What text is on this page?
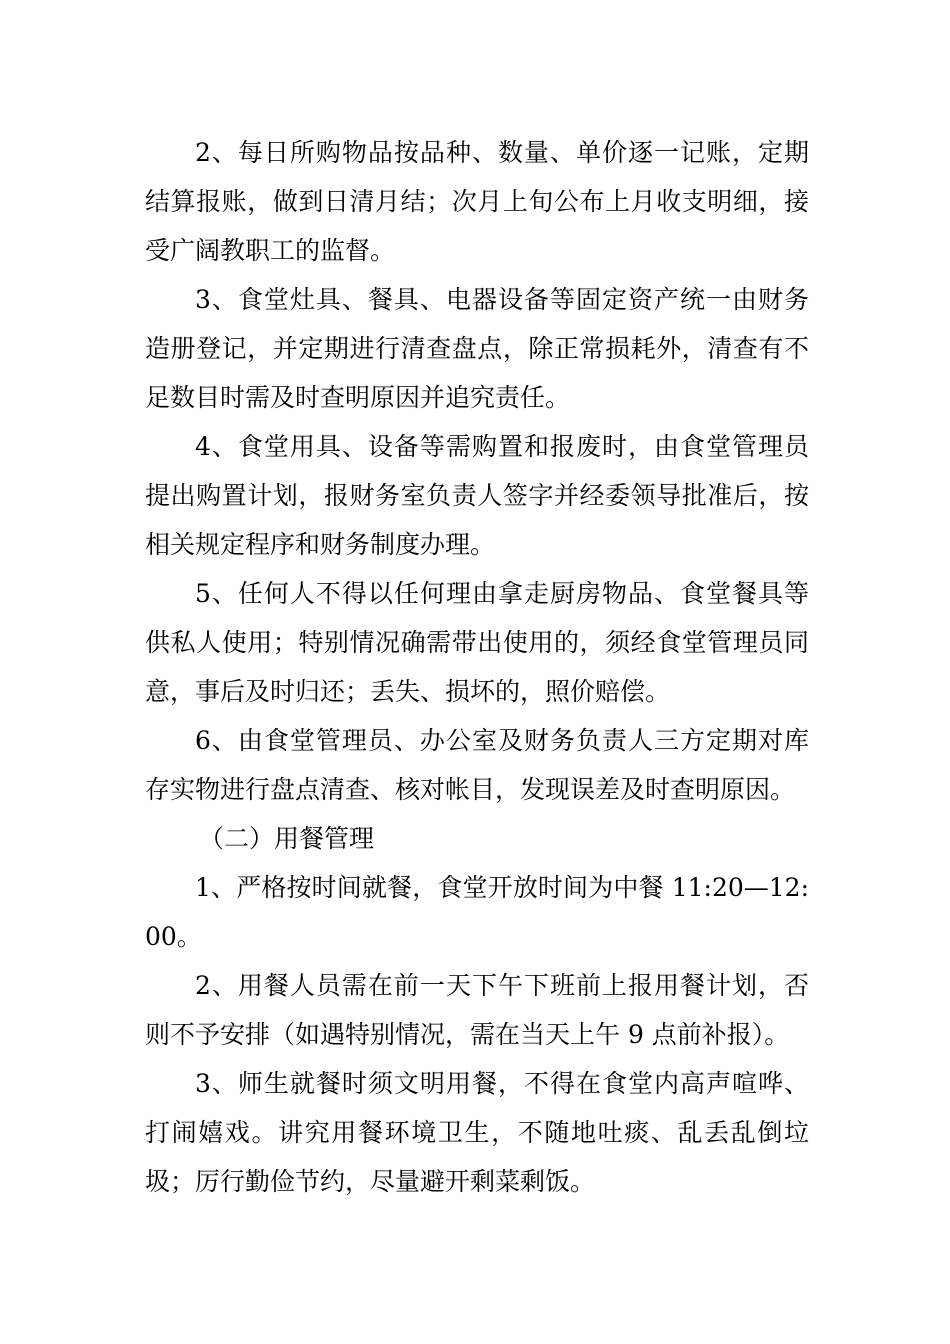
2、每日所购物品按品种、数量、单价逐一记账，定期结算报账，做到日清月结；次月上旬公布上月收支明细，接受广阔教职工的监督。

3、食堂灶具、餐具、电器设备等固定资产统一由财务造册登记，并定期进行清查盘点，除正常损耗外，清查有不足数目时需及时查明原因并追究责任。

4、食堂用具、设备等需购置和报废时，由食堂管理员提出购置计划，报财务室负责人签字并经委领导批准后，按相关规定程序和财务制度办理。

5、任何人不得以任何理由拿走厨房物品、食堂餐具等供私人使用；特别情况确需带出使用的，须经食堂管理员同意，事后及时归还；丢失、损坏的，照价赔偿。

6、由食堂管理员、办公室及财务负责人三方定期对库存实物进行盘点清查、核对帐目，发现误差及时查明原因。

（二）用餐管理

1、严格按时间就餐，食堂开放时间为中餐 11:20—12:00。

2、用餐人员需在前一天下午下班前上报用餐计划，否则不予安排（如遇特别情况，需在当天上午 9 点前补报）。

3、师生就餐时须文明用餐，不得在食堂内高声喧哗、打闹嬉戏。讲究用餐环境卫生，不随地吐痰、乱丢乱倒垃圾；厉行勤俭节约，尽量避开剩菜剩饭。
